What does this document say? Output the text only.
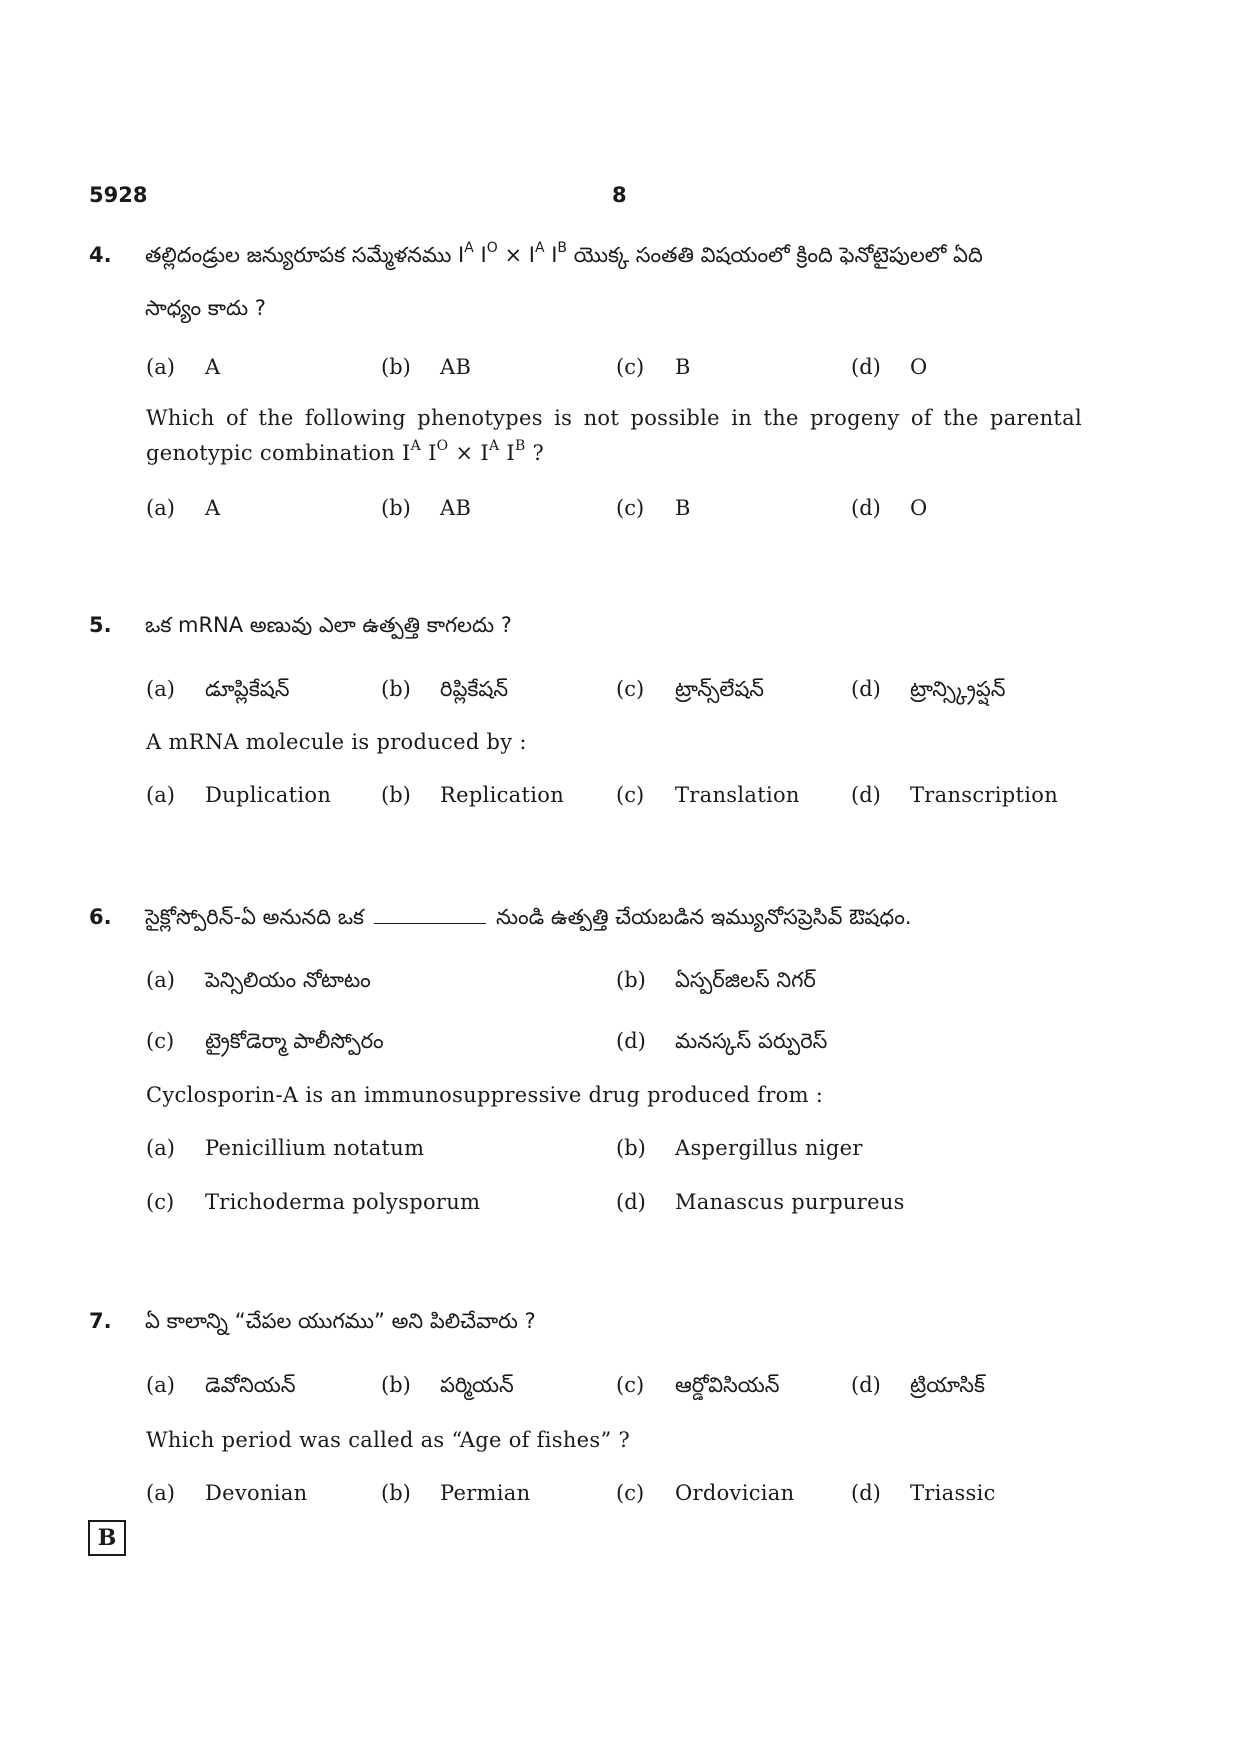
5928	8
4. తల్లిదండ్రుల జన్యురూపక సమ్మేళనము $I^A$ $I^O \times I^A$ $I^B$ యొక్క సంతతి విషయంలో క్రింది ఫెనోటైపులలో ఏది
సాధ్యం కాదు ?
(a) A	(b) AB	(c) B	(d) O
Which of the following phenotypes is not possible in the progeny of the parental
genotypic combination $I^A$ $I^O \times I^A$ $I^B$ ?
(a) A	(b) AB	(c) B	(d) O
5. ఒక mRNA అణువు ఎలా ఉత్పత్తి కాగలదు ?
(a) డూప్లికేషన్	(b) రిప్లికేషన్	(c) ట్రాన్స్‌లేషన్	(d) ట్రాన్స్క్రిప్షన్
A mRNA molecule is produced by :
(a) Duplication (b) Replication (c) Translation (d) Transcription
6. సైక్లోస్పోరిన్-ఏ అనునది ఒక	నుండి ఉత్పత్తి చేయబడిన ఇమ్యునోసప్రెసివ్ ఔషధం.
(a) పెన్సిలియం నోటాటం	(b) ఏస్పర్‌జిలస్ నిగర్
(c) ట్రైకోడెర్మా పాలీస్పోరం	(d) మనస్కస్ పర్పురెస్
Cyclosporin-A is an immunosuppressive drug produced from :
(a) Penicillium notatum	(b) Aspergillus niger
(c) Trichoderma polysporum	(d) Manascus purpureus
7. ఏ కాలాన్ని “చేపల యుగము” అని పిలిచేవారు ?
(a) డెవోనియన్	(b) పర్మియన్	(c) ఆర్డోవిసియన్	(d) ట్రియాసిక్
Which period was called as “Age of fishes” ?
(a) Devonian	(b) Permian	(c) Ordovician	(d) Triassic
B
